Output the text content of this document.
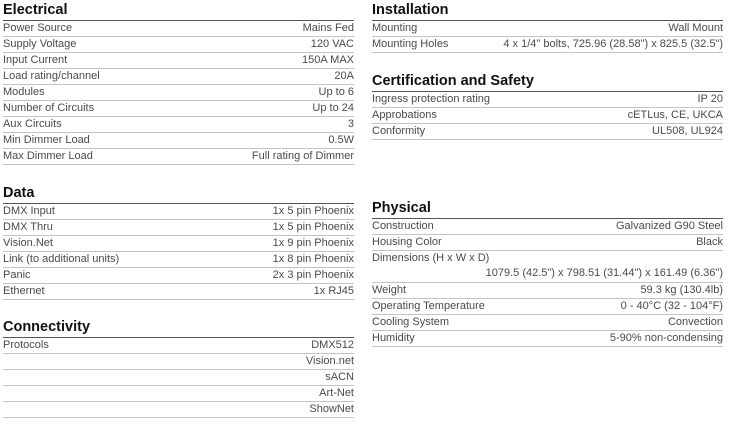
Electrical
Power Source	Mains Fed
Supply Voltage	120 VAC
Input Current	150A MAX
Load rating/channel	20A
Modules	Up to 6
Number of Circuits	Up to 24
Aux Circuits	3
Min Dimmer Load	0.5W
Max Dimmer Load	Full rating of Dimmer
Data
DMX Input	1x 5 pin Phoenix
DMX Thru	1x 5 pin Phoenix
Vision.Net	1x 9 pin Phoenix
Link (to additional units)	1x 8 pin Phoenix
Panic	2x 3 pin Phoenix
Ethernet	1x RJ45
Connectivity
Protocols	DMX512
Vision.net
sACN
Art-Net
ShowNet
Installation
Mounting	Wall Mount
Mounting Holes	4 x 1/4" bolts, 725.96 (28.58") x 825.5 (32.5")
Certification and Safety
Ingress protection rating	IP 20
Approbations	cETLus, CE, UKCA
Conformity	UL508, UL924
Physical
Construction	Galvanized G90 Steel
Housing Color	Black
Dimensions (H x W x D)
1079.5 (42.5") x 798.51 (31.44") x 161.49 (6.36")
Weight	59.3 kg (130.4lb)
Operating Temperature	0 - 40°C (32 - 104°F)
Cooling System	Convection
Humidity	5-90% non-condensing
